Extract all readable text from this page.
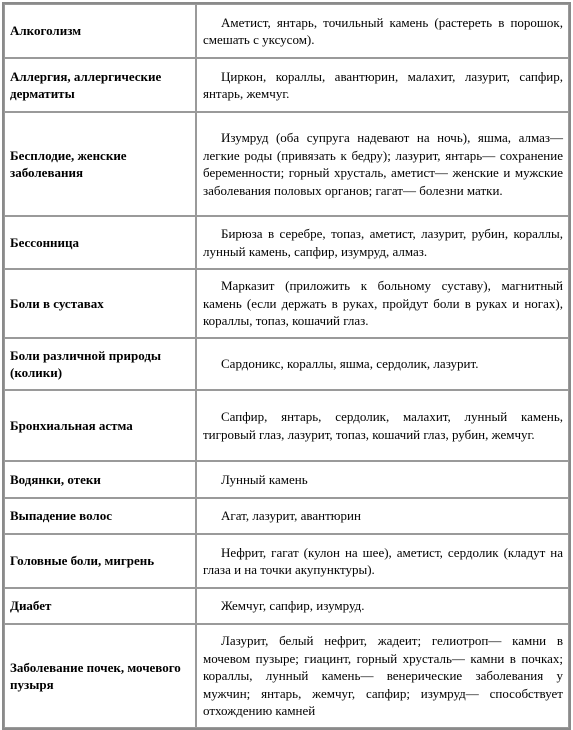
Алкоголизм	Аметист, янтарь, точильный камень (растереть в порошок, смешать с уксусом).
Аллергия, аллергические дерматиты	Циркон, кораллы, авантюрин, малахит, лазурит, сапфир, янтарь, жемчуг.
Бесплодие, женские заболевания	Изумруд (оба супруга надевают на ночь), яшма, алмаз— легкие роды (привязать к бедру); лазурит, янтарь— сохранение беременности; горный хрусталь, аметист— женские и мужские заболевания половых органов; гагат— болезни матки.
Бессонница	Бирюза в серебре, топаз, аметист, лазурит, рубин, кораллы, лунный камень, сапфир, изумруд, алмаз.
Боли в суставах	Марказит (приложить к больному суставу), магнитный камень (если держать в руках, пройдут боли в руках и ногах), кораллы, топаз, кошачий глаз.
Боли различной природы (колики)	Сардоникс, кораллы, яшма, сердолик, лазурит.
Бронхиальная астма	Сапфир, янтарь, сердолик, малахит, лунный камень, тигровый глаз, лазурит, топаз, кошачий глаз, рубин, жемчуг.
Водянки, отеки	Лунный камень
Выпадение волос	Агат, лазурит, авантюрин
Головные боли, мигрень	Нефрит, гагат (кулон на шее), аметист, сердолик (кладут на глаза и на точки акупунктуры).
Диабет	Жемчуг, сапфир, изумруд.
Заболевание почек, мочевого пузыря	Лазурит, белый нефрит, жадеит; гелиотроп— камни в мочевом пузыре; гиацинт, горный хрусталь— камни в почках; кораллы, лунный камень— венерические заболевания у мужчин; янтарь, жемчуг, сапфир; изумруд— способствует отхождению камней
